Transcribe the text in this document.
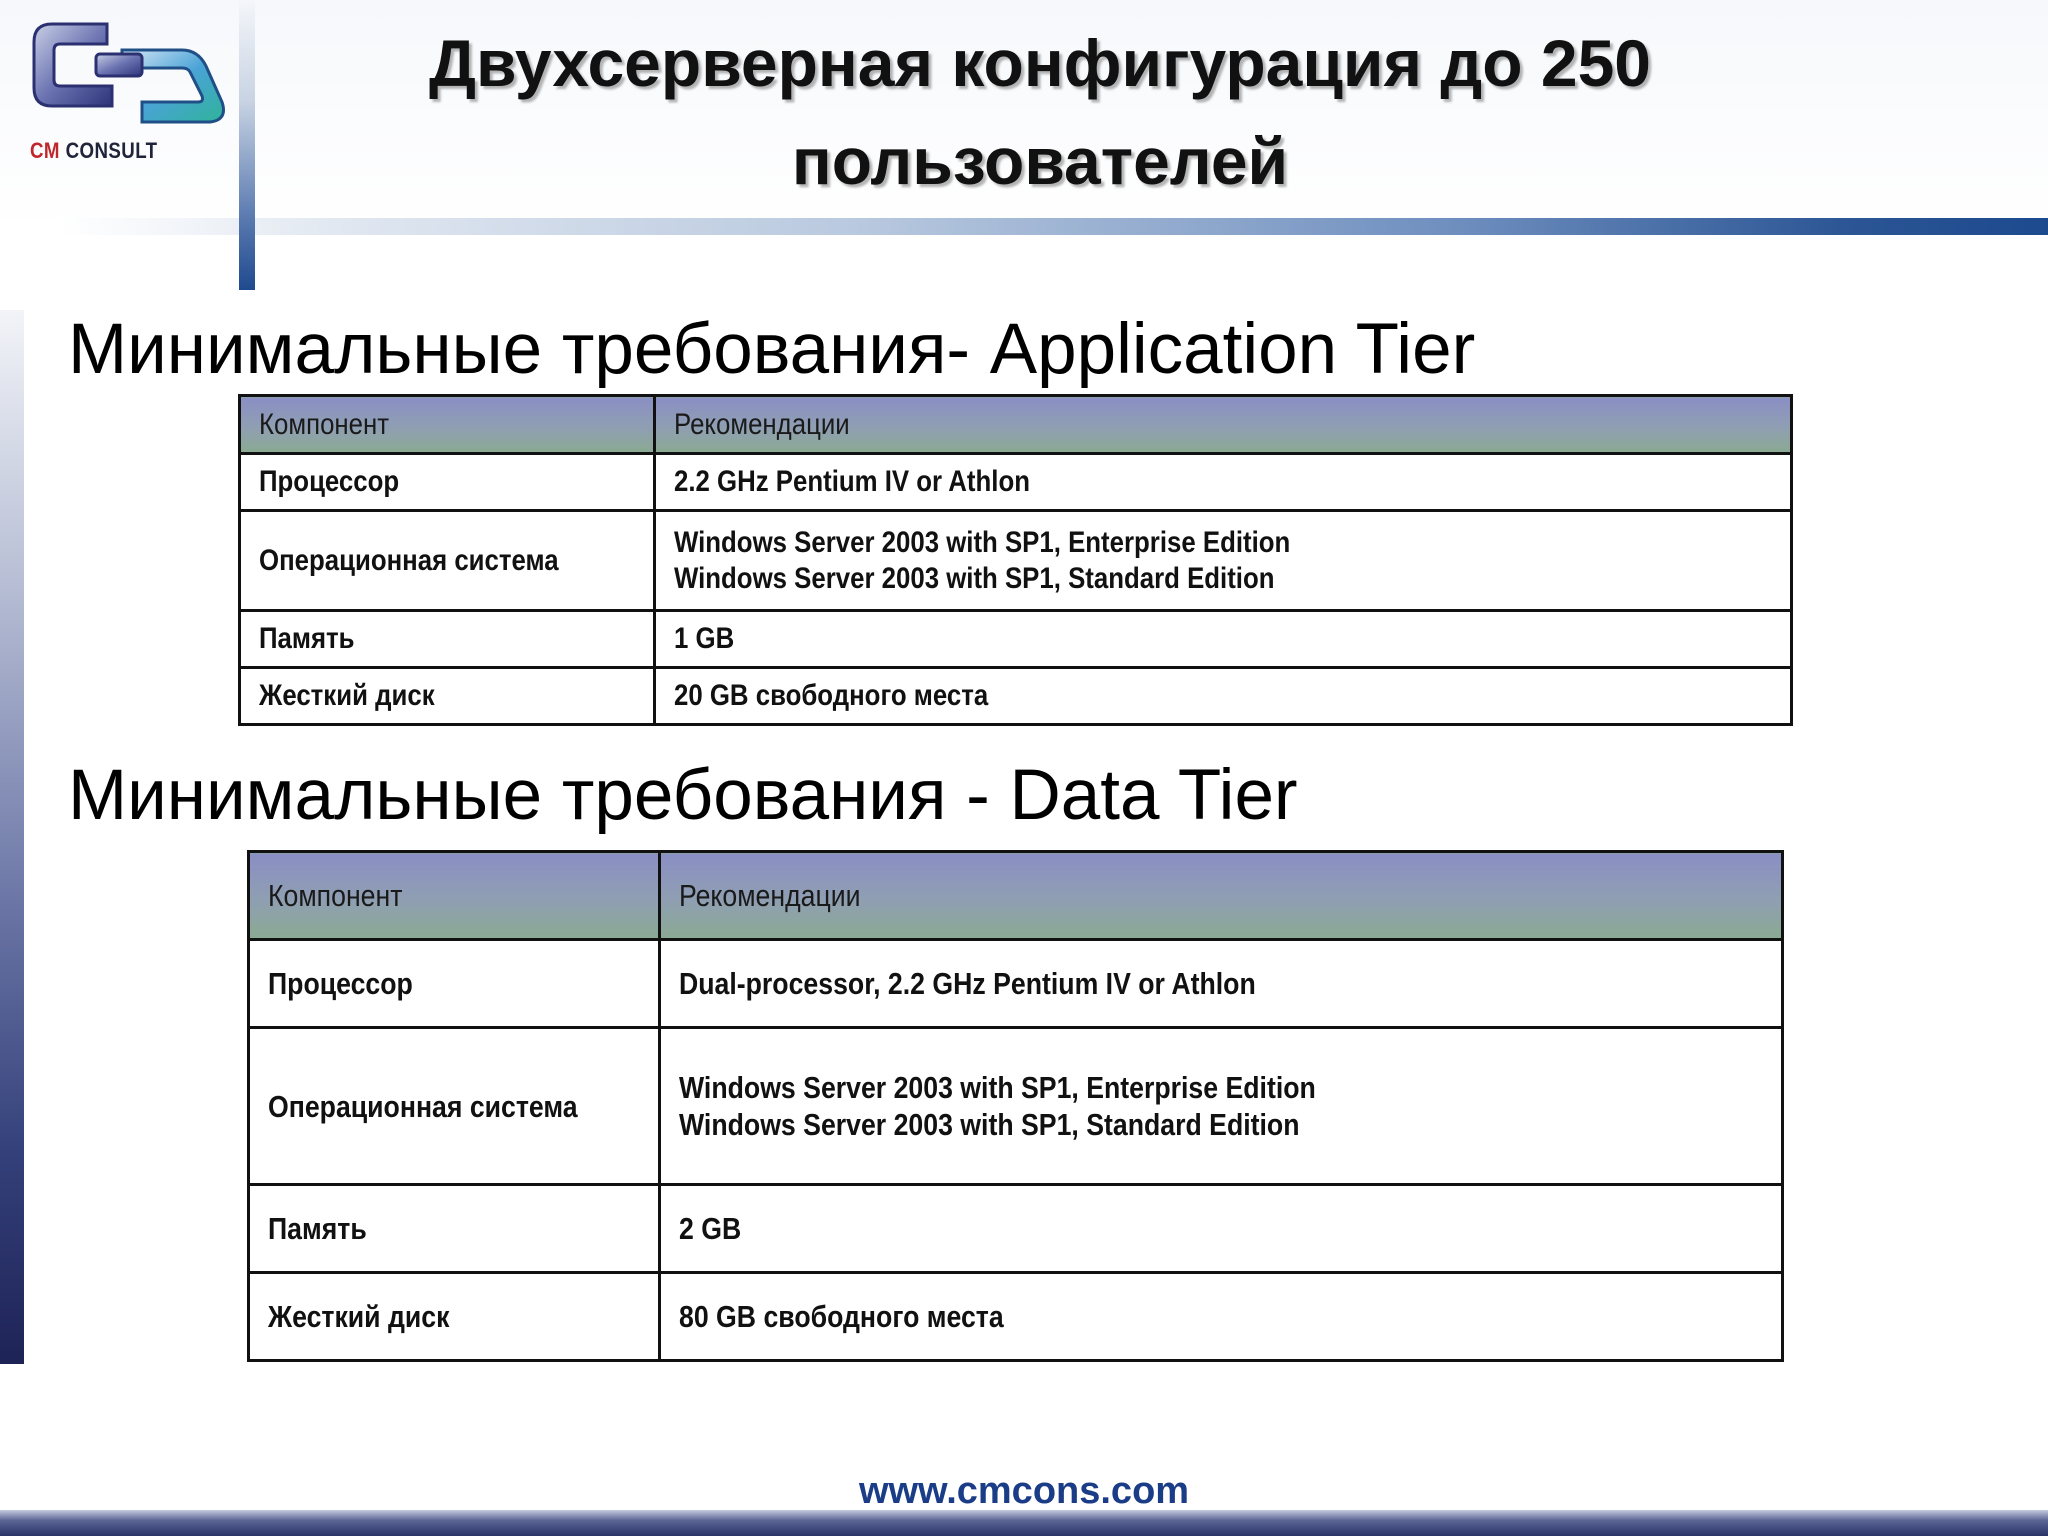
CM CONSULT
Двухсерверная конфигурация до 250
пользователей
Минимальные требования- Application Tier
Компонент	Рекомендации
Процессор	2.2 GHz Pentium IV or Athlon
Операционная система	Windows Server 2003 with SP1, Enterprise Edition
Windows Server 2003 with SP1, Standard Edition

Память	1 GB
Жесткий диск	20 GB свободного места
Минимальные требования - Data Tier
Компонент	Рекомендации
Процессор	Dual-processor, 2.2 GHz Pentium IV or Athlon
Операционная система	Windows Server 2003 with SP1, Enterprise Edition
Windows Server 2003 with SP1, Standard Edition

Память	2 GB
Жесткий диск	80 GB свободного места
www.cmcons.com
